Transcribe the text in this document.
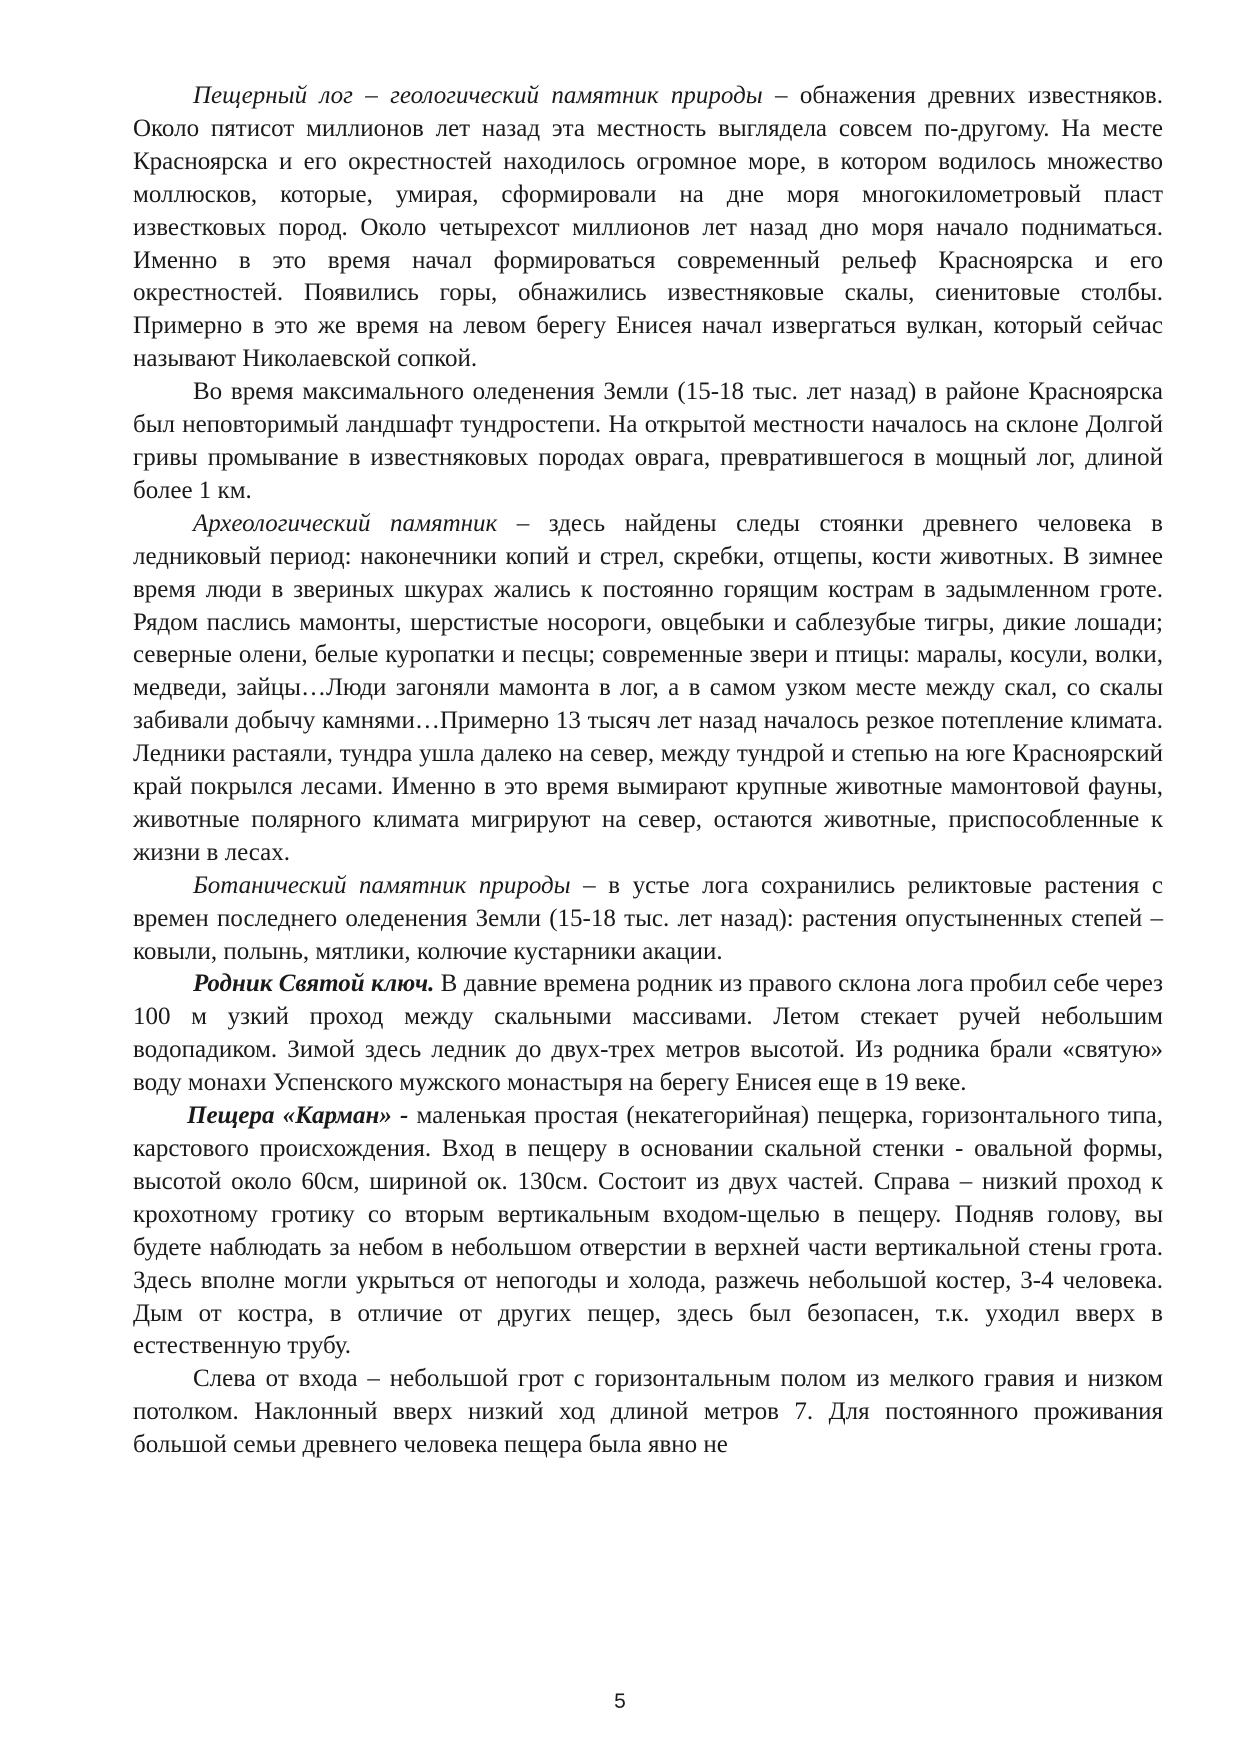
Пещерный лог – геологический памятник природы – обнажения древних известняков. Около пятисот миллионов лет назад эта местность выглядела совсем по-другому. На месте Красноярска и его окрестностей находилось огромное море, в котором водилось множество моллюсков, которые, умирая, сформировали на дне моря многокилометровый пласт известковых пород. Около четырехсот миллионов лет назад дно моря начало подниматься. Именно в это время начал формироваться современный рельеф Красноярска и его окрестностей. Появились горы, обнажились известняковые скалы, сиенитовые столбы. Примерно в это же время на левом берегу Енисея начал извергаться вулкан, который сейчас называют Николаевской сопкой.

Во время максимального оледенения Земли (15-18 тыс. лет назад) в районе Красноярска был неповторимый ландшафт тундростепи. На открытой местности началось на склоне Долгой гривы промывание в известняковых породах оврага, превратившегося в мощный лог, длиной более 1 км.

Археологический памятник – здесь найдены следы стоянки древнего человека в ледниковый период: наконечники копий и стрел, скребки, отщепы, кости животных. В зимнее время люди в звериных шкурах жались к постоянно горящим кострам в задымленном гроте. Рядом паслись мамонты, шерстистые носороги, овцебыки и саблезубые тигры, дикие лошади; северные олени, белые куропатки и песцы; современные звери и птицы: маралы, косули, волки, медведи, зайцы…Люди загоняли мамонта в лог, а в самом узком месте между скал, со скалы забивали добычу камнями…Примерно 13 тысяч лет назад началось резкое потепление климата. Ледники растаяли, тундра ушла далеко на север, между тундрой и степью на юге Красноярский край покрылся лесами. Именно в это время вымирают крупные животные мамонтовой фауны, животные полярного климата мигрируют на север, остаются животные, приспособленные к жизни в лесах.

Ботанический памятник природы – в устье лога сохранились реликтовые растения с времен последнего оледенения Земли (15-18 тыс. лет назад): растения опустыненных степей – ковыли, полынь, мятлики, колючие кустарники акации.

Родник Святой ключ. В давние времена родник из правого склона лога пробил себе через 100 м узкий проход между скальными массивами. Летом стекает ручей небольшим водопадиком. Зимой здесь ледник до двух-трех метров высотой. Из родника брали «святую» воду монахи Успенского мужского монастыря на берегу Енисея еще в 19 веке.

Пещера «Карман» - маленькая простая (некатегорийная) пещерка, горизонтального типа, карстового происхождения. Вход в пещеру в основании скальной стенки - овальной формы, высотой около 60см, шириной ок. 130см. Состоит из двух частей. Справа – низкий проход к крохотному гротику со вторым вертикальным входом-щелью в пещеру. Подняв голову, вы будете наблюдать за небом в небольшом отверстии в верхней части вертикальной стены грота. Здесь вполне могли укрыться от непогоды и холода, разжечь небольшой костер, 3-4 человека. Дым от костра, в отличие от других пещер, здесь был безопасен, т.к. уходил вверх в естественную трубу.

Слева от входа – небольшой грот с горизонтальным полом из мелкого гравия и низком потолком. Наклонный вверх низкий ход длиной метров 7. Для постоянного проживания большой семьи древнего человека пещера была явно не

5
